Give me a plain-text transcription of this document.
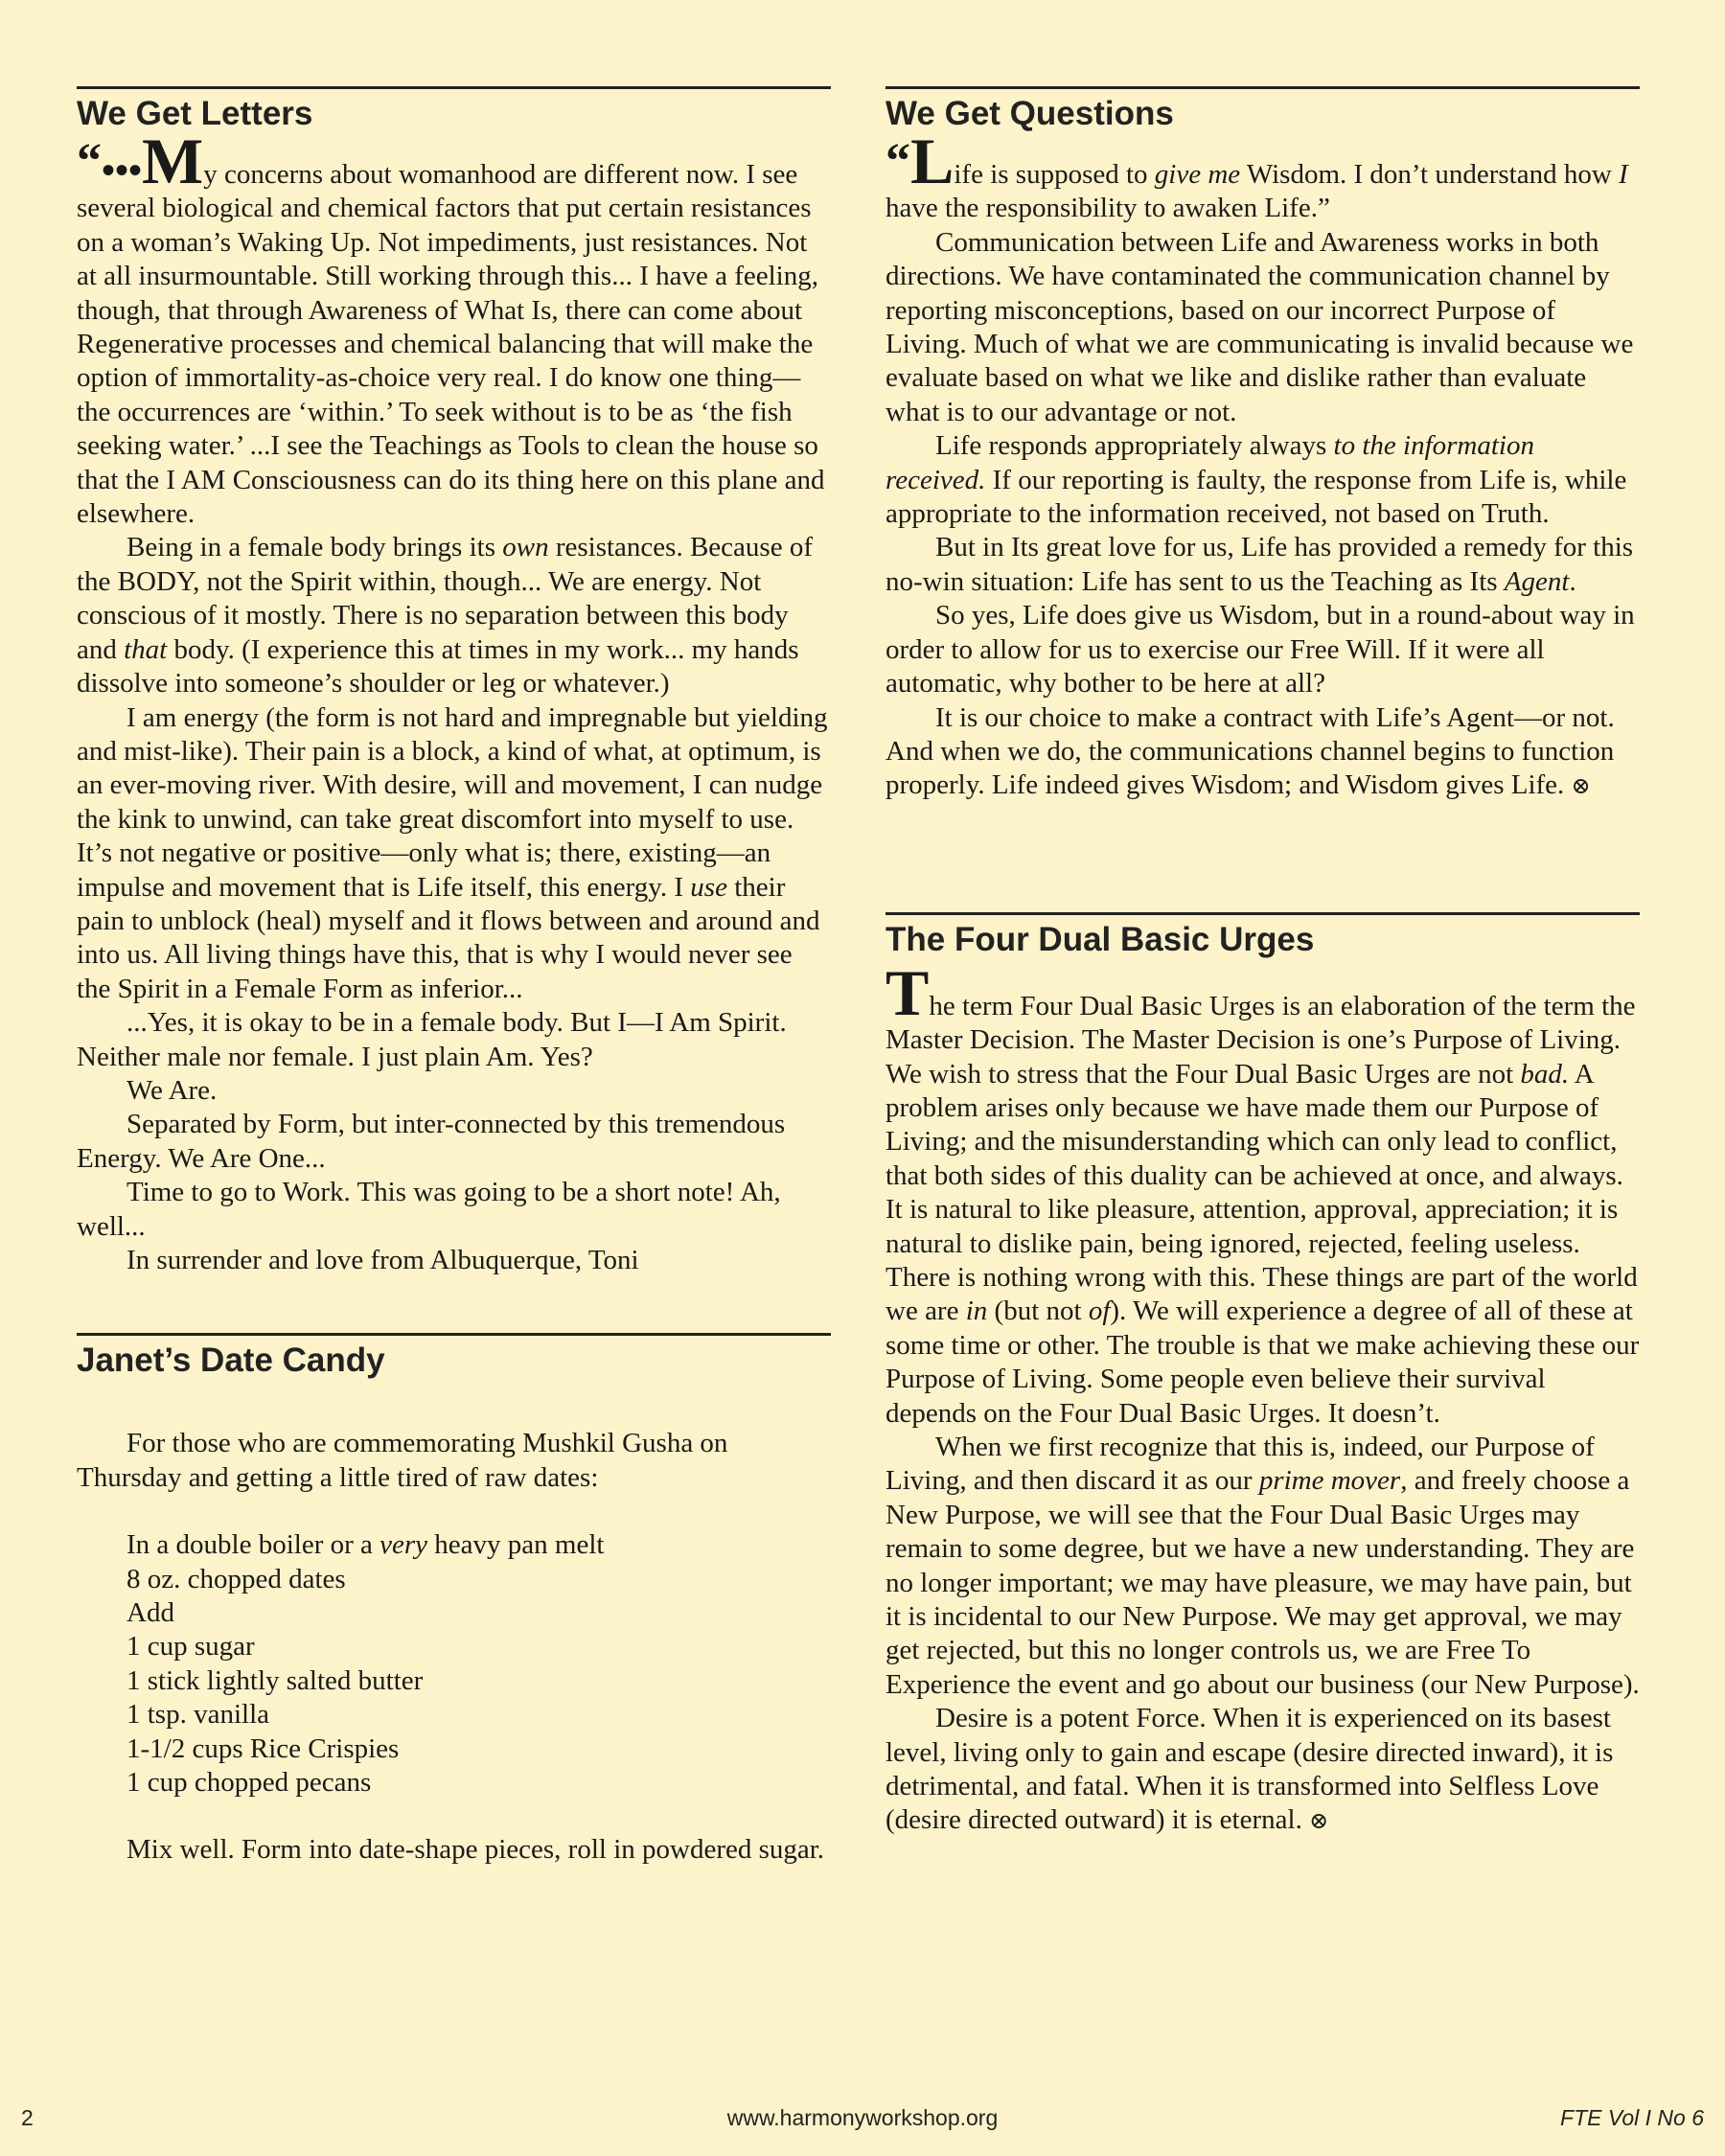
We Get Letters

“•••My concerns about womanhood are different now. I see several biological and chemical factors that put certain resistances on a woman’s Waking Up. Not impediments, just resistances. Not at all insurmountable. Still working through this... I have a feeling, though, that through Awareness of What Is, there can come about Regenerative processes and chemical balancing that will make the option of immortality-as-choice very real. I do know one thing—the occurrences are ‘within.’ To seek without is to be as ‘the fish seeking water.’ ...I see the Teachings as Tools to clean the house so that the I AM Consciousness can do its thing here on this plane and elsewhere.

Being in a female body brings its own resistances. Because of the BODY, not the Spirit within, though... We are energy. Not conscious of it mostly. There is no separation between this body and that body. (I experience this at times in my work... my hands dissolve into someone’s shoulder or leg or whatever.)

I am energy (the form is not hard and impregnable but yielding and mist-like). Their pain is a block, a kind of what, at optimum, is an ever-moving river. With desire, will and movement, I can nudge the kink to unwind, can take great discomfort into myself to use. It’s not negative or positive—only what is; there, existing—an impulse and movement that is Life itself, this energy. I use their pain to unblock (heal) myself and it flows between and around and into us. All living things have this, that is why I would never see the Spirit in a Female Form as inferior...

...Yes, it is okay to be in a female body. But I—I Am Spirit. Neither male nor female. I just plain Am. Yes?

We Are.

Separated by Form, but inter-connected by this tremendous Energy. We Are One...

Time to go to Work. This was going to be a short note! Ah, well...

In surrender and love from Albuquerque, Toni

Janet’s Date Candy

For those who are commemorating Mushkil Gusha on Thursday and getting a little tired of raw dates:

In a double boiler or a very heavy pan melt

8 oz. chopped dates

Add

1 cup sugar

1 stick lightly salted butter

1 tsp. vanilla

1-1/2 cups Rice Crispies

1 cup chopped pecans

Mix well. Form into date-shape pieces, roll in powdered sugar.

We Get Questions

“Life is supposed to give me Wisdom. I don’t understand how I have the responsibility to awaken Life.”

Communication between Life and Awareness works in both directions. We have contaminated the communication channel by reporting misconceptions, based on our incorrect Purpose of Living. Much of what we are communicating is invalid because we evaluate based on what we like and dislike rather than evaluate what is to our advantage or not.

Life responds appropriately always to the information received. If our reporting is faulty, the response from Life is, while appropriate to the information received, not based on Truth.

But in Its great love for us, Life has provided a remedy for this no-win situation: Life has sent to us the Teaching as Its Agent.

So yes, Life does give us Wisdom, but in a round-about way in order to allow for us to exercise our Free Will. If it were all automatic, why bother to be here at all?

It is our choice to make a contract with Life’s Agent—or not. And when we do, the communications channel begins to function properly. Life indeed gives Wisdom; and Wisdom gives Life. ⊗

The Four Dual Basic Urges

The term Four Dual Basic Urges is an elaboration of the term the Master Decision. The Master Decision is one’s Purpose of Living. We wish to stress that the Four Dual Basic Urges are not bad. A problem arises only because we have made them our Purpose of Living; and the misunderstanding which can only lead to conflict, that both sides of this duality can be achieved at once, and always. It is natural to like pleasure, attention, approval, appreciation; it is natural to dislike pain, being ignored, rejected, feeling useless. There is nothing wrong with this. These things are part of the world we are in (but not of). We will experience a degree of all of these at some time or other. The trouble is that we make achieving these our Purpose of Living. Some people even believe their survival depends on the Four Dual Basic Urges. It doesn’t.

When we first recognize that this is, indeed, our Purpose of Living, and then discard it as our prime mover, and freely choose a New Purpose, we will see that the Four Dual Basic Urges may remain to some degree, but we have a new understanding. They are no longer important; we may have pleasure, we may have pain, but it is incidental to our New Purpose. We may get approval, we may get rejected, but this no longer controls us, we are Free To Experience the event and go about our business (our New Purpose).

Desire is a potent Force. When it is experienced on its basest level, living only to gain and escape (desire directed inward), it is detrimental, and fatal. When it is transformed into Selfless Love (desire directed outward) it is eternal. ⊗

2	www.harmonyworkshop.org	FTE Vol I No 6
